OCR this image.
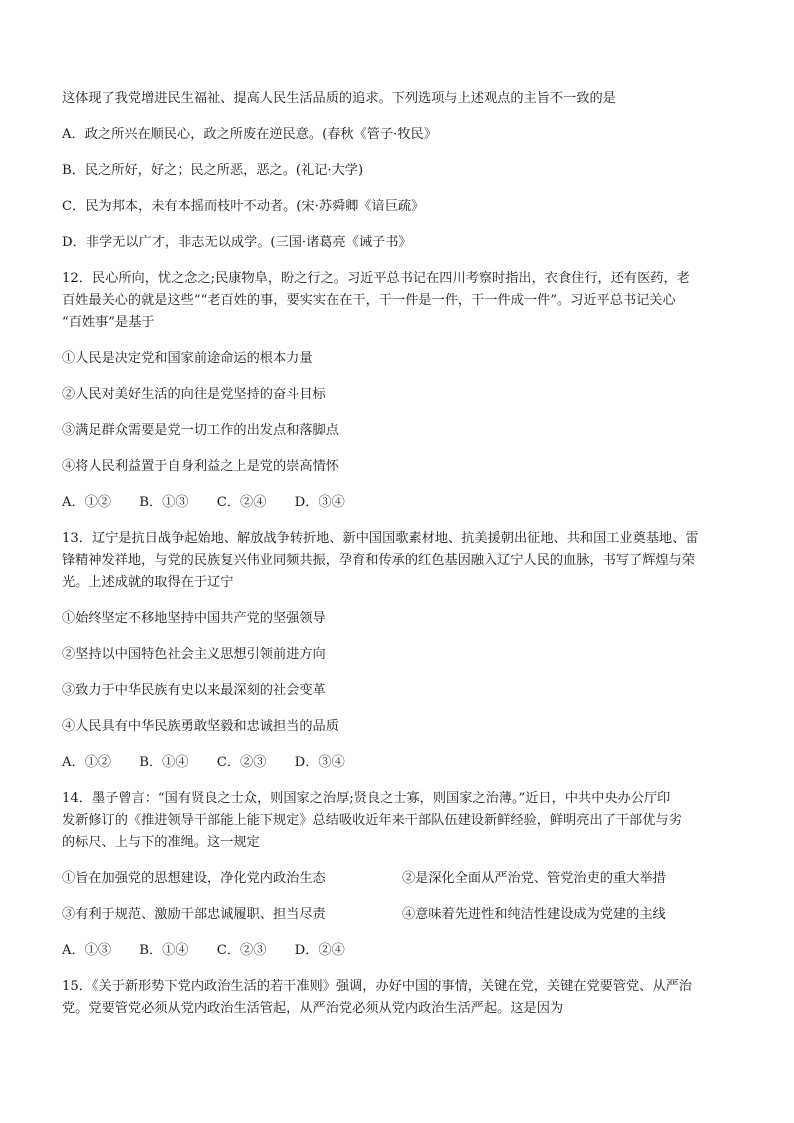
这体现了我党增进民生福祉、提高人民生活品质的追求。下列选项与上述观点的主旨不一致的是
A．政之所兴在顺民心，政之所废在逆民意。(春秋《管子·牧民》
B．民之所好，好之；民之所恶，恶之。(礼记·大学)
C．民为邦本，未有本摇而枝叶不动者。(宋·苏舜卿《谙巨疏》
D．非学无以广才，非志无以成学。(三国·诸葛亮《诫子书》
12．民心所向，忧之念之;民康物阜，盼之行之。习近平总书记在四川考察时指出，衣食住行，还有医药，老
百姓最关心的就是这些”“老百姓的事，要实实在在干，干一件是一件，干一件成一件”。习近平总书记关心
“百姓事”是基于
①人民是决定党和国家前途命运的根本力量
②人民对美好生活的向往是党坚持的奋斗目标
③满足群众需要是党一切工作的出发点和落脚点
④将人民利益置于自身利益之上是党的崇高情怀
A．①② B．①③ C．②④ D．③④
13．辽宁是抗日战争起始地、解放战争转折地、新中国国歌素材地、抗美援朝出征地、共和国工业奠基地、雷
锋精神发祥地，与党的民族复兴伟业同频共振，孕育和传承的红色基因融入辽宁人民的血脉，书写了辉煌与荣
光。上述成就的取得在于辽宁
①始终坚定不移地坚持中国共产党的坚强领导
②坚持以中国特色社会主义思想引领前进方向
③致力于中华民族有史以来最深刻的社会变革
④人民具有中华民族勇敢坚毅和忠诚担当的品质
A．①② B．①④ C．②③ D．③④
14．墨子曾言：“国有贤良之士众，则国家之治厚;贤良之士寡，则国家之治薄。”近日，中共中央办公厅印
发新修订的《推进领导干部能上能下规定》总结吸收近年来干部队伍建设新鲜经验，鲜明亮出了干部优与劣
的标尺、上与下的准绳。这一规定
①旨在加强党的思想建设，净化党内政治生态	②是深化全面从严治党、管党治吏的重大举措
③有利于规范、激励干部忠诚履职、担当尽责	④意味着先进性和纯洁性建设成为党建的主线
A．①③ B．①④ C．②③ D．②④
15．《关于新形势下党内政治生活的若干准则》强调，办好中国的事情，关键在党，关键在党要管党、从严治
党。党要管党必须从党内政治生活管起，从严治党必须从党内政治生活严起。这是因为
